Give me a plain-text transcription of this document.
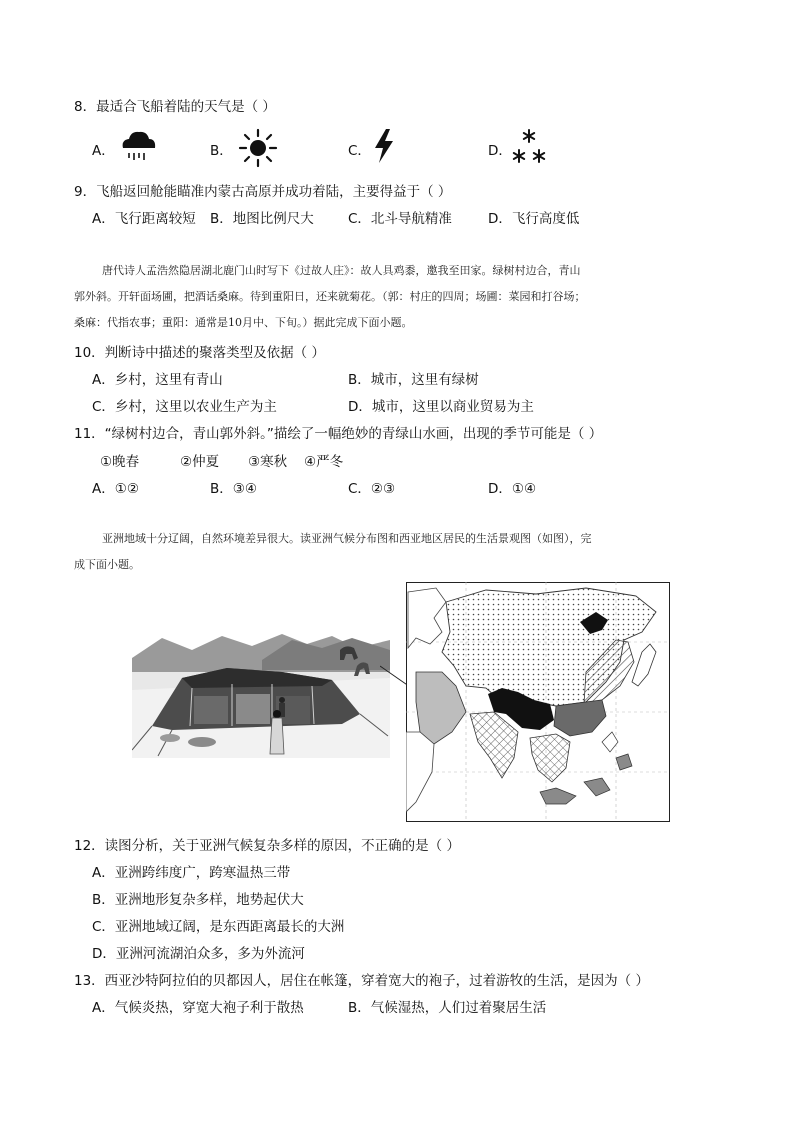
8．最适合飞船着陆的天气是（ ）
A．	B．	C．	D．
9．飞船返回舱能瞄准内蒙古高原并成功着陆，主要得益于（ ）
A．飞行距离较短 B．地图比例尺大	C．北斗导航精准	D．飞行高度低
唐代诗人孟浩然隐居湖北鹿门山时写下《过故人庄》：故人具鸡黍，邀我至田家。绿树村边合，青山
郭外斜。开轩面场圃，把酒话桑麻。待到重阳日，还来就菊花。（郭：村庄的四周；场圃：菜园和打谷场；
桑麻：代指农事；重阳：通常是10月中、下旬。）据此完成下面小题。
10．判断诗中描述的聚落类型及依据（ ）
A．乡村，这里有青山	B．城市，这里有绿树
C．乡村，这里以农业生产为主	D．城市，这里以商业贸易为主
11．“绿树村边合，青山郭外斜。”描绘了一幅绝妙的青绿山水画，出现的季节可能是（ ）
①晚春	②仲夏 ③寒秋 ④严冬
A．①②	B．③④	C．②③	D．①④
亚洲地域十分辽阔，自然环境差异很大。读亚洲气候分布图和西亚地区居民的生活景观图（如图），完
成下面小题。
12．读图分析，关于亚洲气候复杂多样的原因，不正确的是（ ）
A．亚洲跨纬度广，跨寒温热三带
B．亚洲地形复杂多样，地势起伏大
C．亚洲地域辽阔，是东西距离最长的大洲
D．亚洲河流湖泊众多，多为外流河
13．西亚沙特阿拉伯的贝都因人，居住在帐篷，穿着宽大的袍子，过着游牧的生活，是因为（ ）
A．气候炎热，穿宽大袍子利于散热	B．气候湿热，人们过着聚居生活
